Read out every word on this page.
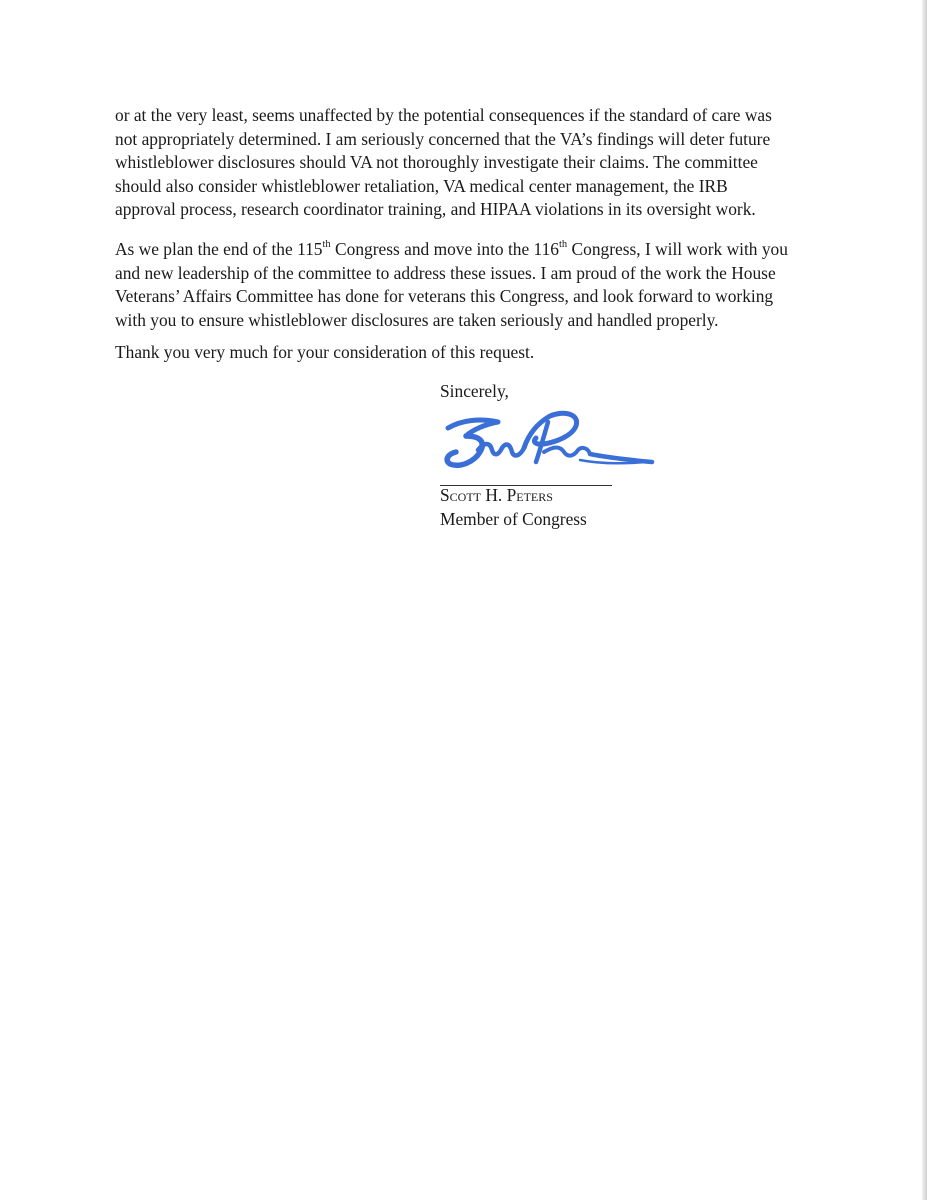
or at the very least, seems unaffected by the potential consequences if the standard of care was
not appropriately determined. I am seriously concerned that the VA’s findings will deter future
whistleblower disclosures should VA not thoroughly investigate their claims. The committee
should also consider whistleblower retaliation, VA medical center management, the IRB
approval process, research coordinator training, and HIPAA violations in its oversight work.

As we plan the end of the 115th Congress and move into the 116th Congress, I will work with you
and new leadership of the committee to address these issues. I am proud of the work the House
Veterans’ Affairs Committee has done for veterans this Congress, and look forward to working
with you to ensure whistleblower disclosures are taken seriously and handled properly.

Thank you very much for your consideration of this request.

Sincerely,

Scott H. Peters

Member of Congress
